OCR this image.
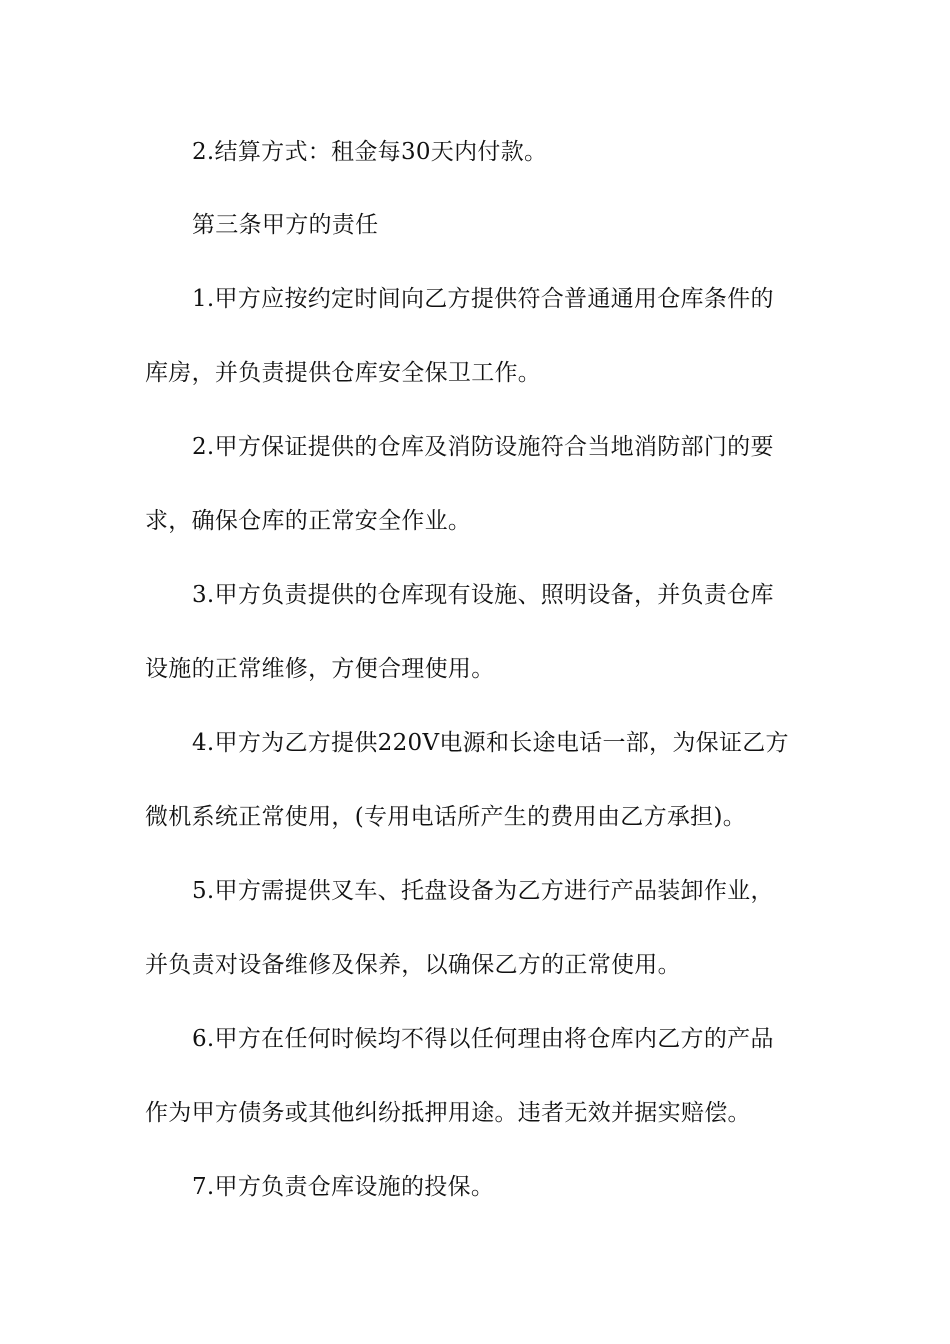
2.结算方式：租金每30天内付款。
第三条甲方的责任
1.甲方应按约定时间向乙方提供符合普通通用仓库条件的
库房，并负责提供仓库安全保卫工作。
2.甲方保证提供的仓库及消防设施符合当地消防部门的要
求，确保仓库的正常安全作业。
3.甲方负责提供的仓库现有设施、照明设备，并负责仓库
设施的正常维修，方便合理使用。
4.甲方为乙方提供220V电源和长途电话一部，为保证乙方
微机系统正常使用，(专用电话所产生的费用由乙方承担)。
5.甲方需提供叉车、托盘设备为乙方进行产品装卸作业，
并负责对设备维修及保养，以确保乙方的正常使用。
6.甲方在任何时候均不得以任何理由将仓库内乙方的产品
作为甲方债务或其他纠纷抵押用途。违者无效并据实赔偿。
7.甲方负责仓库设施的投保。
